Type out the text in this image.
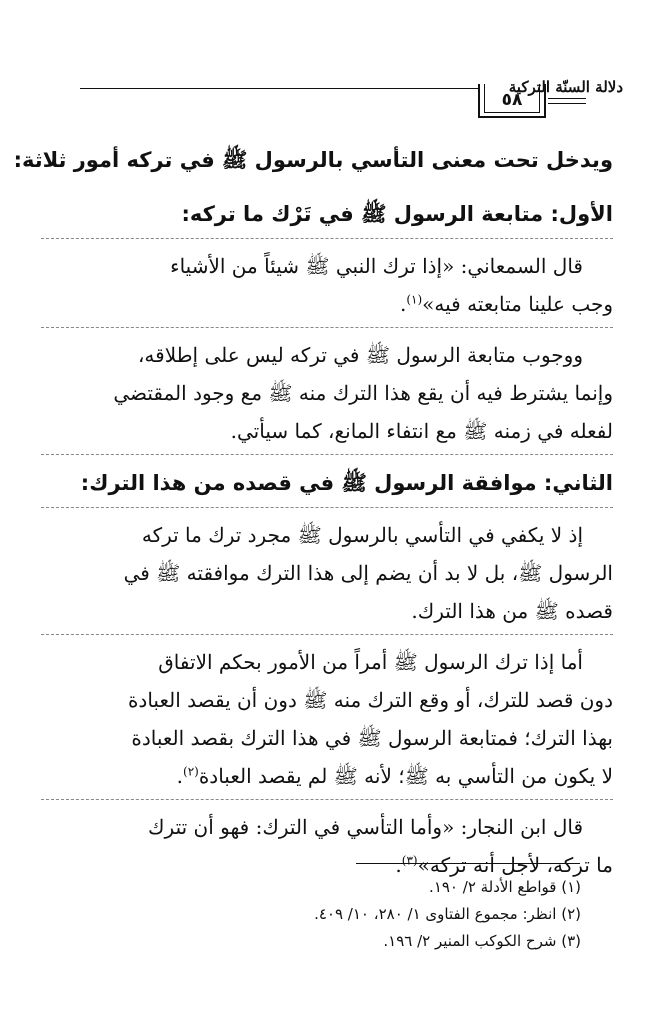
دلالة السنّة التركية
٥٨
ويدخل تحت معنى التأسي بالرسول ﷺ في تركه أمور ثلاثة:
الأول: متابعة الرسول ﷺ في تَرْك ما تركه:

قال السمعاني: «إذا ترك النبي ﷺ شيئاً من الأشياء
وجب علينا متابعته فيه»$^{(١)}$.

ووجوب متابعة الرسول ﷺ في تركه ليس على إطلاقه،
وإنما يشترط فيه أن يقع هذا الترك منه ﷺ مع وجود المقتضي
لفعله في زمنه ﷺ مع انتفاء المانع، كما سيأتي.

الثاني: موافقة الرسول ﷺ في قصده من هذا الترك:

إذ لا يكفي في التأسي بالرسول ﷺ مجرد ترك ما تركه
الرسول ﷺ، بل لا بد أن يضم إلى هذا الترك موافقته ﷺ في
قصده ﷺ من هذا الترك.

أما إذا ترك الرسول ﷺ أمراً من الأمور بحكم الاتفاق
دون قصد للترك، أو وقع الترك منه ﷺ دون أن يقصد العبادة
بهذا الترك؛ فمتابعة الرسول ﷺ في هذا الترك بقصد العبادة
لا يكون من التأسي به ﷺ؛ لأنه ﷺ لم يقصد العبادة$^{(٢)}$.

قال ابن النجار: «وأما التأسي في الترك: فهو أن تترك
ما تركه، لأجل أنه تركه»$^{(٣)}$.

(١) قواطع الأدلة ٢/ ١٩٠.
(٢) انظر: مجموع الفتاوى ١/ ٢٨٠، ١٠/ ٤٠٩.
(٣) شرح الكوكب المنير ٢/ ١٩٦.
